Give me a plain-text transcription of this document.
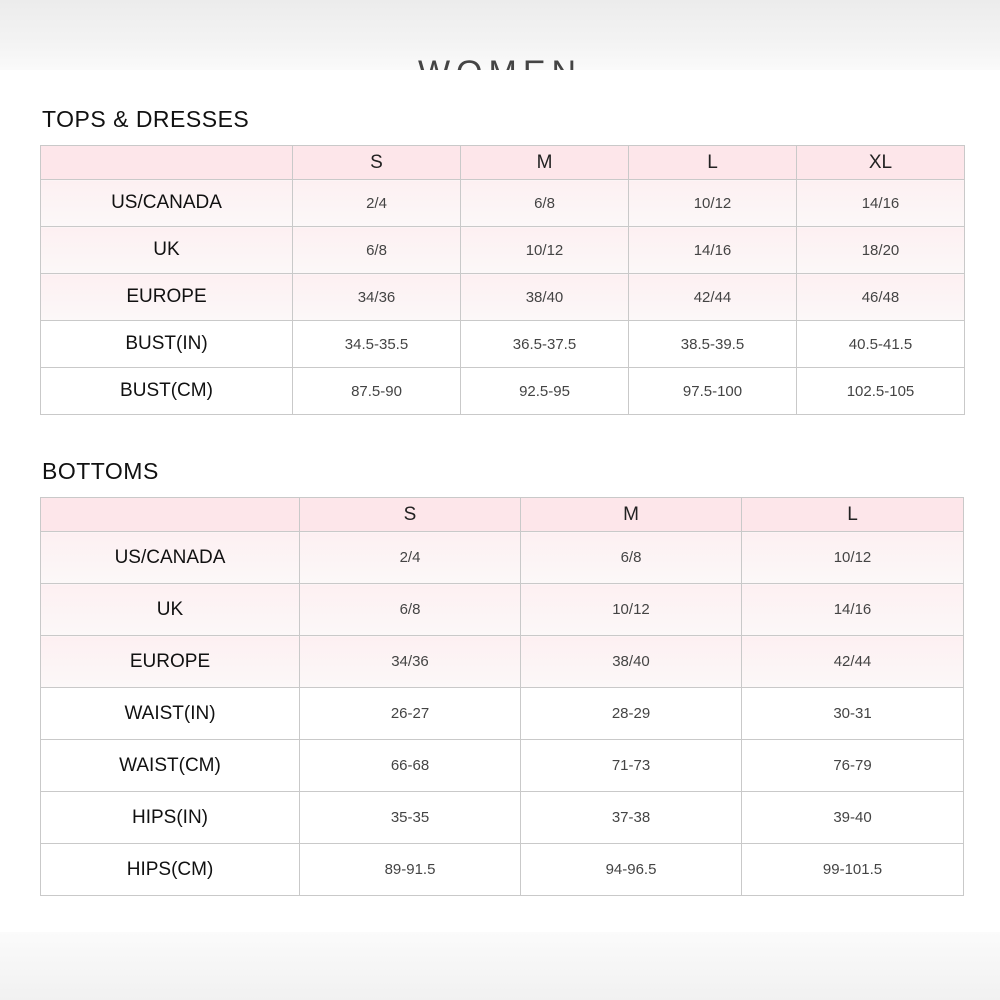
TOPS & DRESSES
	S	M	L	XL
US/CANADA	2/4	6/8	10/12	14/16
UK	6/8	10/12	14/16	18/20
EUROPE	34/36	38/40	42/44	46/48
BUST(IN)	34.5-35.5	36.5-37.5	38.5-39.5	40.5-41.5
BUST(CM)	87.5-90	92.5-95	97.5-100	102.5-105
BOTTOMS
	S	M	L
US/CANADA	2/4	6/8	10/12
UK	6/8	10/12	14/16
EUROPE	34/36	38/40	42/44
WAIST(IN)	26-27	28-29	30-31
WAIST(CM)	66-68	71-73	76-79
HIPS(IN)	35-35	37-38	39-40
HIPS(CM)	89-91.5	94-96.5	99-101.5
